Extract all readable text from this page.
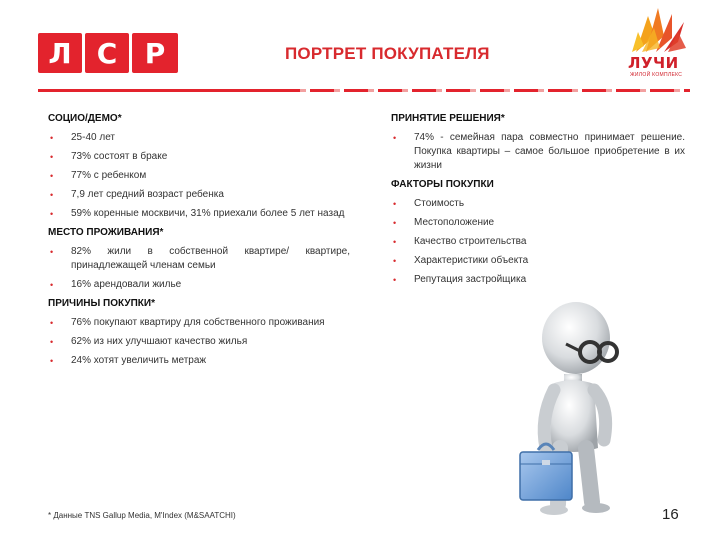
Л С Р	ПОРТРЕТ ПОКУПАТЕЛЯ	ЛУЧИ
ЖИЛОЙ КОМПЛЕКС
СОЦИО/ДЕМО*
• 25-40 лет
• 73% состоят в браке
• 77% с ребенком
• 7,9 лет средний возраст ребенка
• 59% коренные москвичи, 31% приехали более 5 лет назад
МЕСТО ПРОЖИВАНИЯ*
• 82% жили в собственной квартире/ квартире, принадлежащей членам семьи
• 16% арендовали жилье
ПРИЧИНЫ ПОКУПКИ*
• 76% покупают квартиру для собственного проживания
• 62% из них улучшают качество жилья
• 24% хотят увеличить метраж
ПРИНЯТИЕ РЕШЕНИЯ*
• 74% - семейная пара совместно принимает решение. Покупка квартиры – самое большое приобретение в их жизни
ФАКТОРЫ ПОКУПКИ
• Стоимость
• Местоположение
• Качество строительства
• Характеристики объекта
• Репутация застройщика
* Данные TNS Gallup Media, M'Index (M&SAATCHI)	16
